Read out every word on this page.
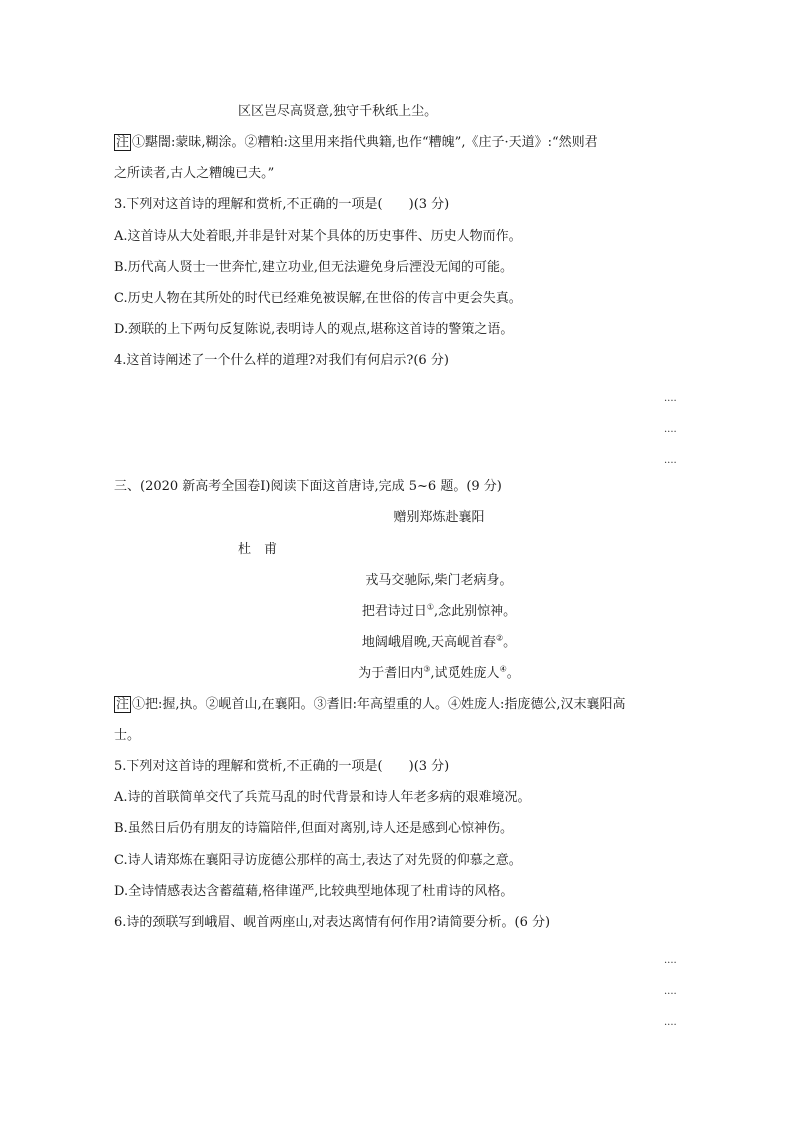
区区岂尽高贤意,独守千秋纸上尘。
注 ①黮闇:蒙昧,糊涂。②糟粕:这里用来指代典籍,也作“糟魄”,《庄子·天道》:“然则君
之所读者,古人之糟魄已夫。”
3.下列对这首诗的理解和赏析,不正确的一项是(　　)(3 分)
A.这首诗从大处着眼,并非是针对某个具体的历史事件、历史人物而作。
B.历代高人贤士一世奔忙,建立功业,但无法避免身后湮没无闻的可能。
C.历史人物在其所处的时代已经难免被误解,在世俗的传言中更会失真。
D.颈联的上下两句反复陈说,表明诗人的观点,堪称这首诗的警策之语。
4.这首诗阐述了一个什么样的道理?对我们有何启示?(6 分)
....
....
....
三、(2020 新高考全国卷Ⅰ)阅读下面这首唐诗,完成 5~6 题。(9 分)
赠别郑炼赴襄阳
杜　甫
戎马交驰际,柴门老病身。
把君诗过日①,念此别惊神。
地阔峨眉晚,天高岘首春②。
为于耆旧内③,试觅姓庞人④。
注 ①把:握,执。②岘首山,在襄阳。③耆旧:年高望重的人。④姓庞人:指庞德公,汉末襄阳高
士。
5.下列对这首诗的理解和赏析,不正确的一项是(　　)(3 分)
A.诗的首联简单交代了兵荒马乱的时代背景和诗人年老多病的艰难境况。
B.虽然日后仍有朋友的诗篇陪伴,但面对离别,诗人还是感到心惊神伤。
C.诗人请郑炼在襄阳寻访庞德公那样的高士,表达了对先贤的仰慕之意。
D.全诗情感表达含蓄蕴藉,格律谨严,比较典型地体现了杜甫诗的风格。
6.诗的颈联写到峨眉、岘首两座山,对表达离情有何作用?请简要分析。(6 分)
....
....
....
